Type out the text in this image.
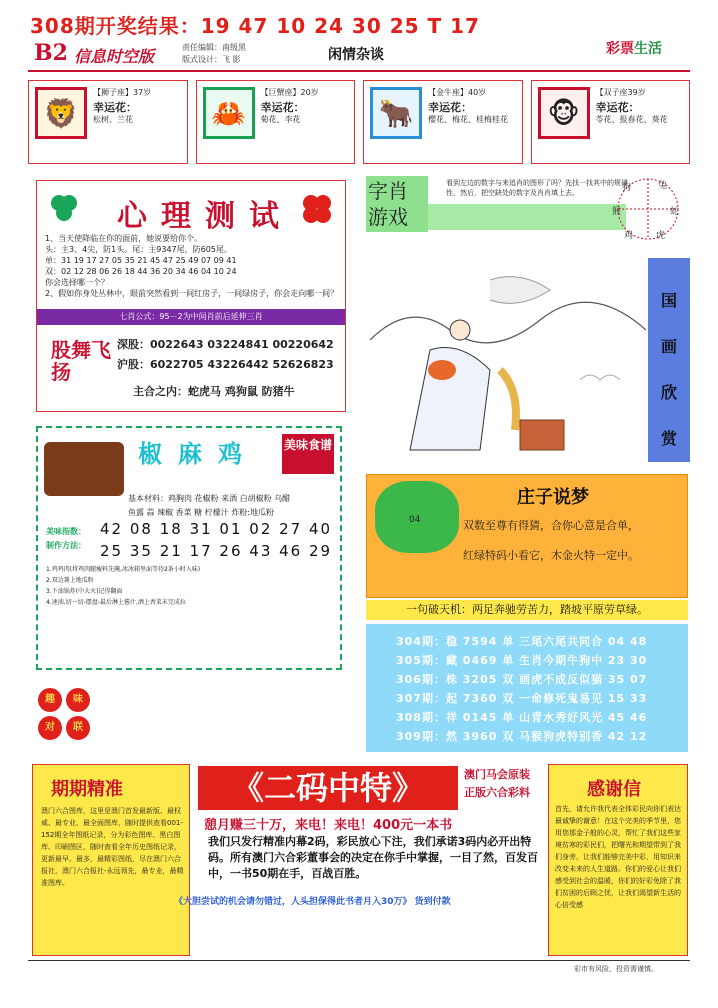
308期开奖结果：19 47 10 24 30 25 T 17
B2 信息时空版	责任编辑：南级黑
版式设计：飞 影	闲情杂谈	彩票生活
🦁
【狮子座】37岁
幸运花：
松树、兰花	🦀
【巨蟹座】20岁
幸运花：
菊花、李花	🐂
【金牛座】40岁
幸运花：
樱花、梅花、桂梅桂花	🐵
【双子座39岁
幸运花：
苓花、报春花、葵花
心理测试
1、当天使降临在你的面前，她说要给你个。
头：主3、4尖，防1头。尾：主9347尾，防605尾。
单：31 19 17 27 05 35 21 45 47 25 49 07 09 41
双：02 12 28 06 26 18 44 36 20 34 46 04 10 24
你会选择哪一个？
2、假如你身处丛林中，眼前突然看到一间红房子，一间绿房子，你会走向哪一间？
七肖公式：95－2为中间肖前后延伸三肖
股舞飞扬
深股：0022643 03224841 00220642
沪股：6022705 43226442 52626823
主合之内：蛇虎马 鸡狗鼠 防猪牛
字肖游戏
看到左边的数字与来追肖的图形了吗？先找一找其中的规律性，然后，把空缺处的数字及肖肖填上去。	狗	兔
猴	蛇
鸡	虎
国画欣赏
椒麻鸡 美味食谱
基本材料：鸡胸肉 花椒粉 来酒 白胡椒粉 乌醋
鱼露 蒜 辣椒 香菜 糖 柠檬汁 炸粉:地瓜粉
美味指数：
制作方法：
42 08 18 31 01 02 27 40
25 35 21 17 26 43 46 29
1.鸡鸡肉(将鸡肉腿瘦料先腌,冰冰箱里面等待2条小时入味)
2.双边薯上地瓜粉
3.下油锅炸(中大火)记得翻面
4.速油,切一切-摆盘-最后淋上酱汁,洒上香菜末完成拉
趣	味
对	联
04
庄子说梦
双数至尊有得猜，合你心意是合单，
红绿特码小看它，木金火特一定中。
一句破天机：两足奔驰劳苦力，踏坡平原劳草绿。
304期：稳 7594 单 三尾六尾共同合 04 48
305期：藏 0469 单 生肖今期牛狗中 23 30
306期：株 3205 双 画虎不成反似猫 35 07
307期：起 7360 双 一命修死鬼易见 15 33
308期：祥 0145 单 山青水秀好风光 45 46
309期：然 3960 双 马猴狗虎特别香 42 12
期期精准

澳门六合图库，这里是澳门首发最新版、最权威、最专业、最全面图库，随时提供查看001-152期全年图纸记录，分为彩色图库、黑白图库、印刷图区，随时查看全年历史图纸记录，更新最早、最多，最精彩图纸，尽在澳门六合报社，澳门六合报社-永远领先，最专业，最精准图库。

《二码中特》	澳门马会原装
正版六合彩料
憩月赚三十万，来电！来电！400元一本书
我们只发行精准内幕2码，彩民放心下注，我们承诺3码内必开出特码。所有澳门六合彩董事会的决定在你手中掌握，一目了然，百发百中，一书50期在手，百战百胜。
《大胆尝试的机会请勿错过，人头担保得此书者月入30万》 货到付款
感谢信

首先，请允许我代表全体彩民向你们表达最诚挚的谢意！在这个完美的季节里，您用您那金子般的心灵，帮忙了我们这些家境贫寒的彩民们，把曙光和期望带到了我们身旁，让我们能够完美中彩，用知识来改变未来的人生道路。你们的爱心让我们感受到社会的温暖，你们的好彩免除了我们贫困的后顾之忧，让我们渴望新生活的心倍受感

彩市有风险，投资需谨慎。
